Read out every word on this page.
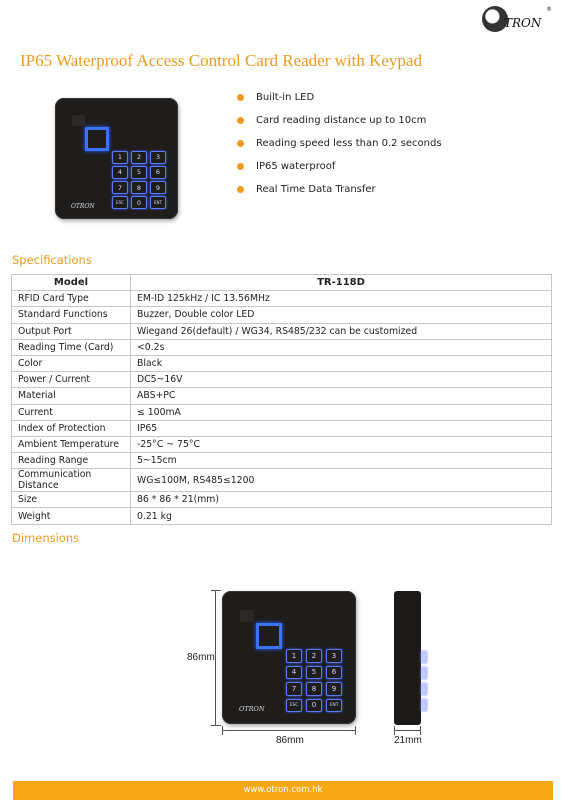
TRON
®
IP65 Waterproof Access Control Card Reader with Keypad
1	2	3
4	5	6
7	8	9
ESC	0	ENT
OTRON
Built-in LED
Card reading distance up to 10cm
Reading speed less than 0.2 seconds
IP65 waterproof
Real Time Data Transfer
Specifications
Model	TR-118D
RFID Card Type	EM-ID 125kHz / IC 13.56MHz
Standard Functions	Buzzer, Double color LED
Output Port	Wiegand 26(default) / WG34, RS485/232 can be customized
Reading Time (Card)	<0.2s
Color	Black
Power / Current	DC5~16V
Material	ABS+PC
Current	≤ 100mA
Index of Protection	IP65
Ambient Temperature	-25°C ~ 75°C
Reading Range	5~15cm
Communication Distance	WG≤100M, RS485≤1200
Size	86 * 86 * 21(mm)
Weight	0.21 kg
Dimensions
1	2	3
4	5	6
7	8	9
ESC	0	ENT
OTRON
86mm
86mm	21mm
www.otron.com.hk
